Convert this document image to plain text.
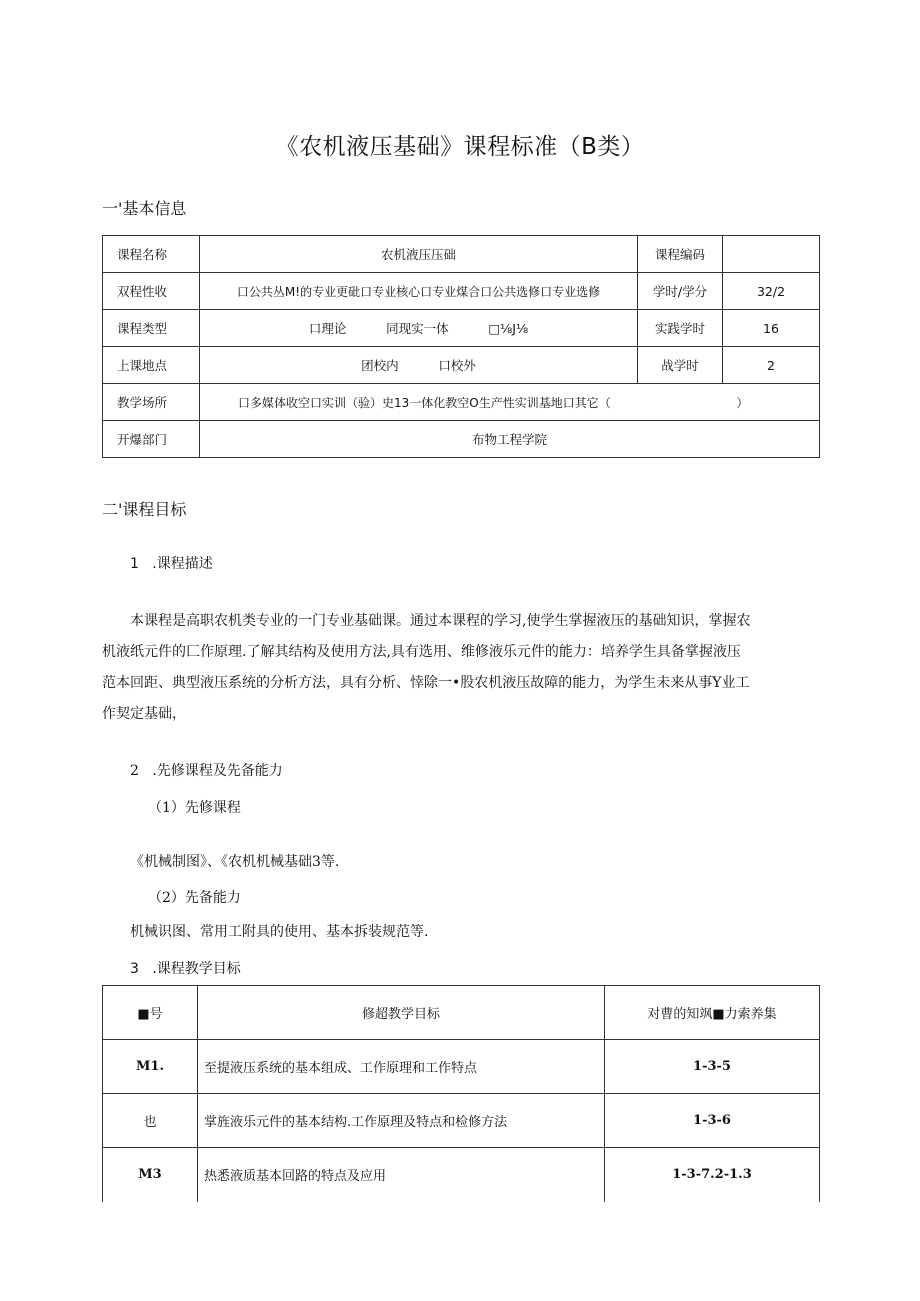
《农机液压基础》课程标准（B类）
一'基本信息
课程名称	农机液压压础	课程编码	
双程性收	口公共丛M!的专业更砒口专业核心口专业煤合口公共选修口专业选修	学时/学分	32/2
课程类型	口理论          同现实一体          □⅛J⅛	实践学时	16
上课地点	团校内          口校外	战学时	2
教学场所	口多媒体收空口实训（验）史13一体化教空O生产性实训基地口其它（ ）		
开爆部门	布物工程学院		
二'课程目标
1   .课程描述
本课程是高职农机类专业的一门专业基础课。通过本课程的学习,使学生掌握液压的基础知识，掌握农
机液纸元件的匚作原理.了解其结构及使用方法,具有选用、维修液乐元件的能力：培养学生具备掌握液压
范本回距、典型液压系统的分析方法，具有分析、悻除一•股农机液压故障的能力，为学生未来从事Y业工
作契定基础，
2   .先修课程及先备能力
（1）先修课程
《机械制图》、《农机机械基础3等.
（2）先备能力
机械识图、常用工附具的使用、基本拆装规范等.
3   .课程教学目标
■号	修超教学目标	对曹的知飒■力索养集
M1.	至提液压系统的基本组成、工作原理和工作特点	1-3-5
也	掌旌液乐元件的基本结构.工作原理及特点和检修方法	1-3-6
M3	热悉液质基本回路的特点及应用	1-3-7.2-1.3
